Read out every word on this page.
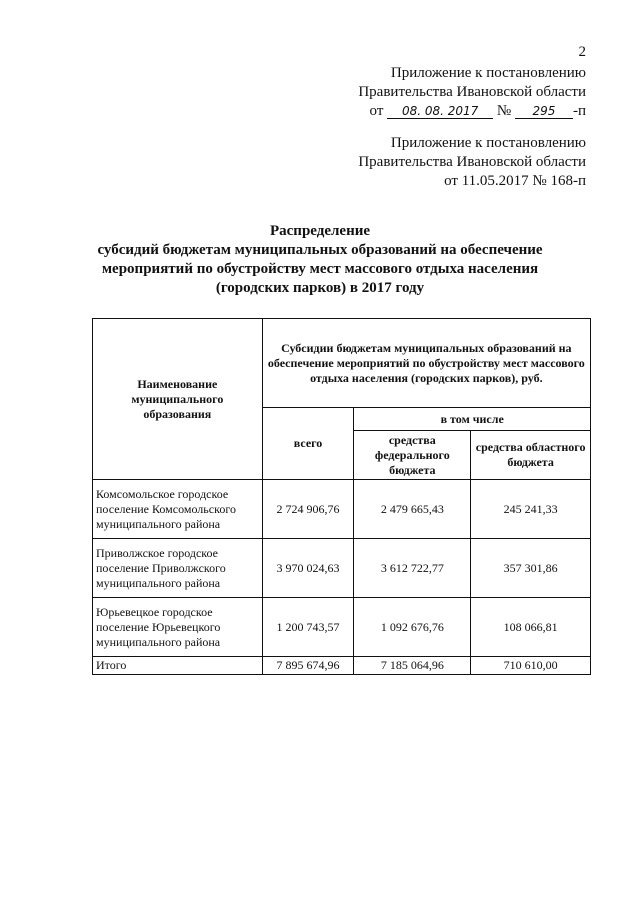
2
Приложение к постановлению
Правительства Ивановской области
от 08. 08. 2017 № 295 -п
Приложение к постановлению
Правительства Ивановской области
от 11.05.2017 № 168-п
Распределение
субсидий бюджетам муниципальных образований на обеспечение
мероприятий по обустройству мест массового отдыха населения
(городских парков) в 2017 году
Наименование муниципального образования	Субсидии бюджетам муниципальных образований на обеспечение мероприятий по обустройству мест массового отдыха населения (городских парков), руб.		
	всего	в том числе	
		средства федерального бюджета	средства областного бюджета
Комсомольское городское поселение Комсомольского муниципального района	2 724 906,76	2 479 665,43	245 241,33
Приволжское городское поселение Приволжского муниципального района	3 970 024,63	3 612 722,77	357 301,86
Юрьевецкое городское поселение Юрьевецкого муниципального района	1 200 743,57	1 092 676,76	108 066,81
Итого	7 895 674,96	7 185 064,96	710 610,00
